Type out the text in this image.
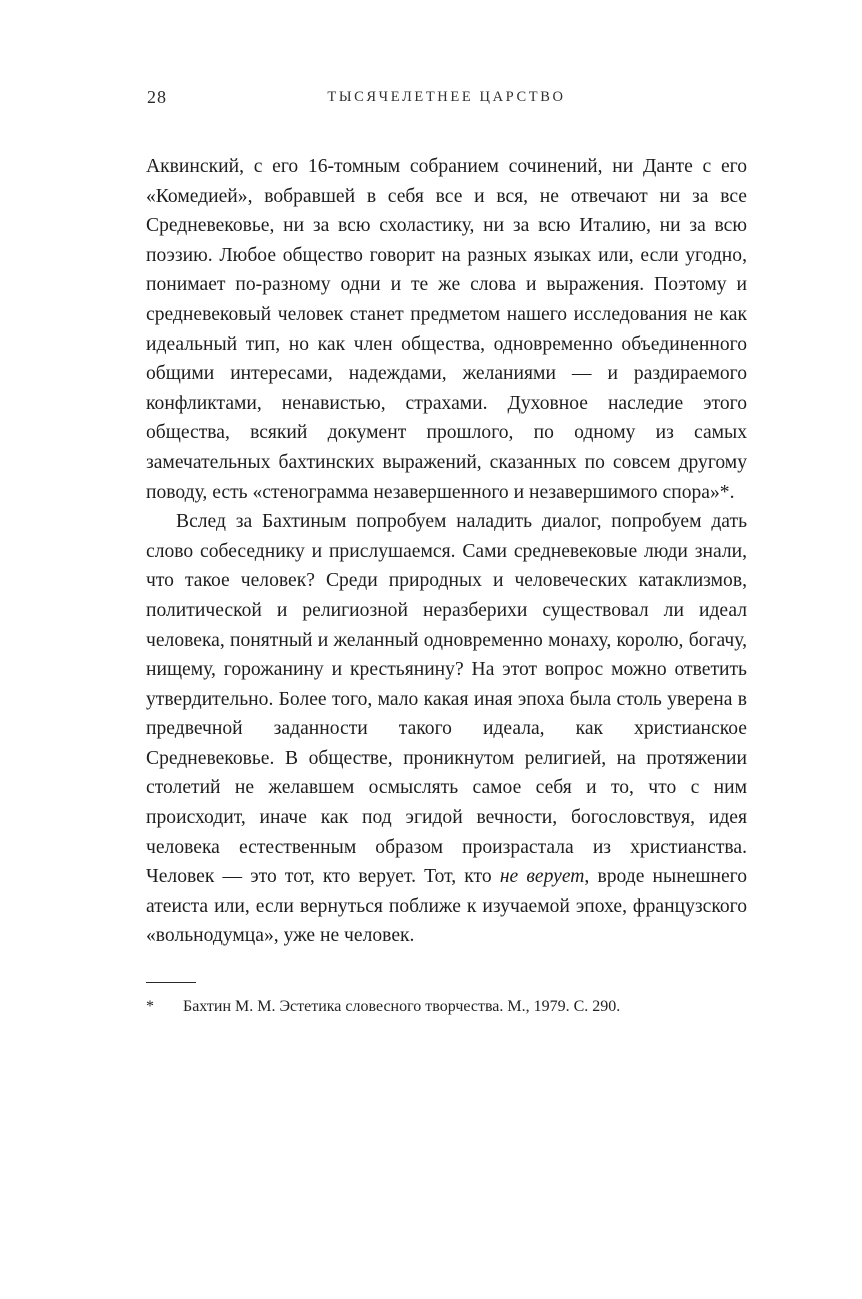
28	ТЫСЯЧЕЛЕТНЕЕ ЦАРСТВО

Аквинский, с его 16-томным собранием сочинений, ни Данте с его «Комедией», вобравшей в себя все и вся, не отвечают ни за все Средневековье, ни за всю схоластику, ни за всю Италию, ни за всю поэзию. Любое общество говорит на разных языках или, если угодно, понимает по-разному одни и те же слова и выражения. Поэтому и средневековый человек станет предметом нашего исследования не как идеальный тип, но как член общества, одновременно объединенного общими интересами, надеждами, желаниями — и раздираемого конфликтами, ненавистью, страхами. Духовное наследие этого общества, всякий документ прошлого, по одному из самых замечательных бахтинских выражений, сказанных по совсем другому поводу, есть «стенограмма незавершенного и незавершимого спора»*.

Вслед за Бахтиным попробуем наладить диалог, попробуем дать слово собеседнику и прислушаемся. Сами средневековые люди знали, что такое человек? Среди природных и человеческих катаклизмов, политической и религиозной неразберихи существовал ли идеал человека, понятный и желанный одновременно монаху, королю, богачу, нищему, горожанину и крестьянину? На этот вопрос можно ответить утвердительно. Более того, мало какая иная эпоха была столь уверена в предвечной заданности такого идеала, как христианское Средневековье. В обществе, проникнутом религией, на протяжении столетий не желавшем осмыслять самое себя и то, что с ним происходит, иначе как под эгидой вечности, богословствуя, идея человека естественным образом произрастала из христианства. Человек — это тот, кто верует. Тот, кто не верует, вроде нынешнего атеиста или, если вернуться поближе к изучаемой эпохе, французского «вольнодумца», уже не человек.

*	Бахтин М. М. Эстетика словесного творчества. М., 1979. С. 290.
